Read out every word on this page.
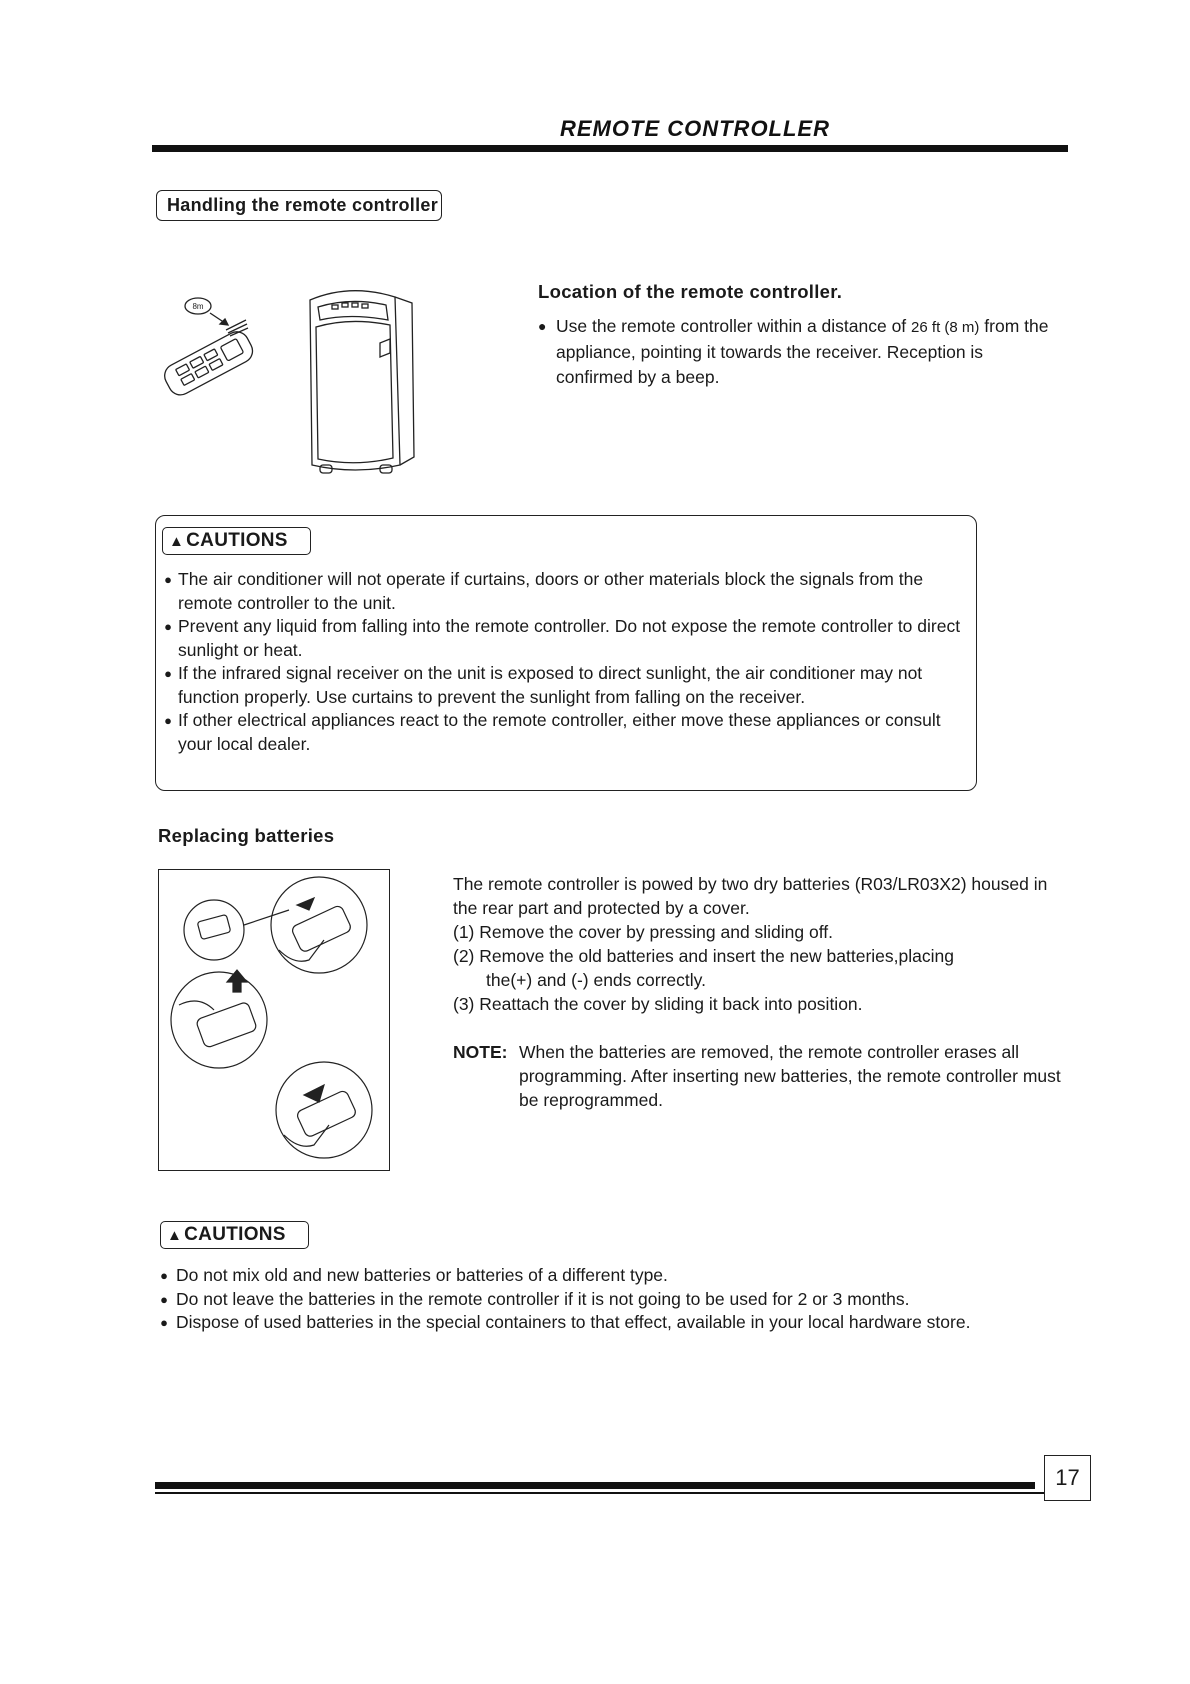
REMOTE CONTROLLER
Handling the remote controller
8m
Location of the remote controller.
● Use the remote controller within a distance of 26 ft (8 m) from the appliance, pointing it towards the receiver. Reception is confirmed by a beep.
▲ CAUTIONS
● The air conditioner will not operate if curtains, doors or other materials block the signals from the remote controller to the unit.
● Prevent any liquid from falling into the remote controller. Do not expose the remote controller to direct sunlight or heat.
● If the infrared signal receiver on the unit is exposed to direct sunlight, the air conditioner may not function properly. Use curtains to prevent the sunlight from falling on the receiver.
● If other electrical appliances react to the remote controller, either move these appliances or consult your local dealer.
Replacing batteries
The remote controller is powed by two dry batteries (R03/LR03X2) housed in the rear part and protected by a cover.
(1) Remove the cover by pressing and sliding off.
(2) Remove the old batteries and insert the new batteries,placing
the(+) and (-) ends correctly.
(3) Reattach the cover by sliding it back into position.
NOTE: When the batteries are removed, the remote controller erases all programming. After inserting new batteries, the remote controller must be reprogrammed.
▲ CAUTIONS
● Do not mix old and new batteries or batteries of a different type.
● Do not leave the batteries in the remote controller if it is not going to be used for 2 or 3 months.
● Dispose of used batteries in the special containers to that effect, available in your local hardware store.
17
